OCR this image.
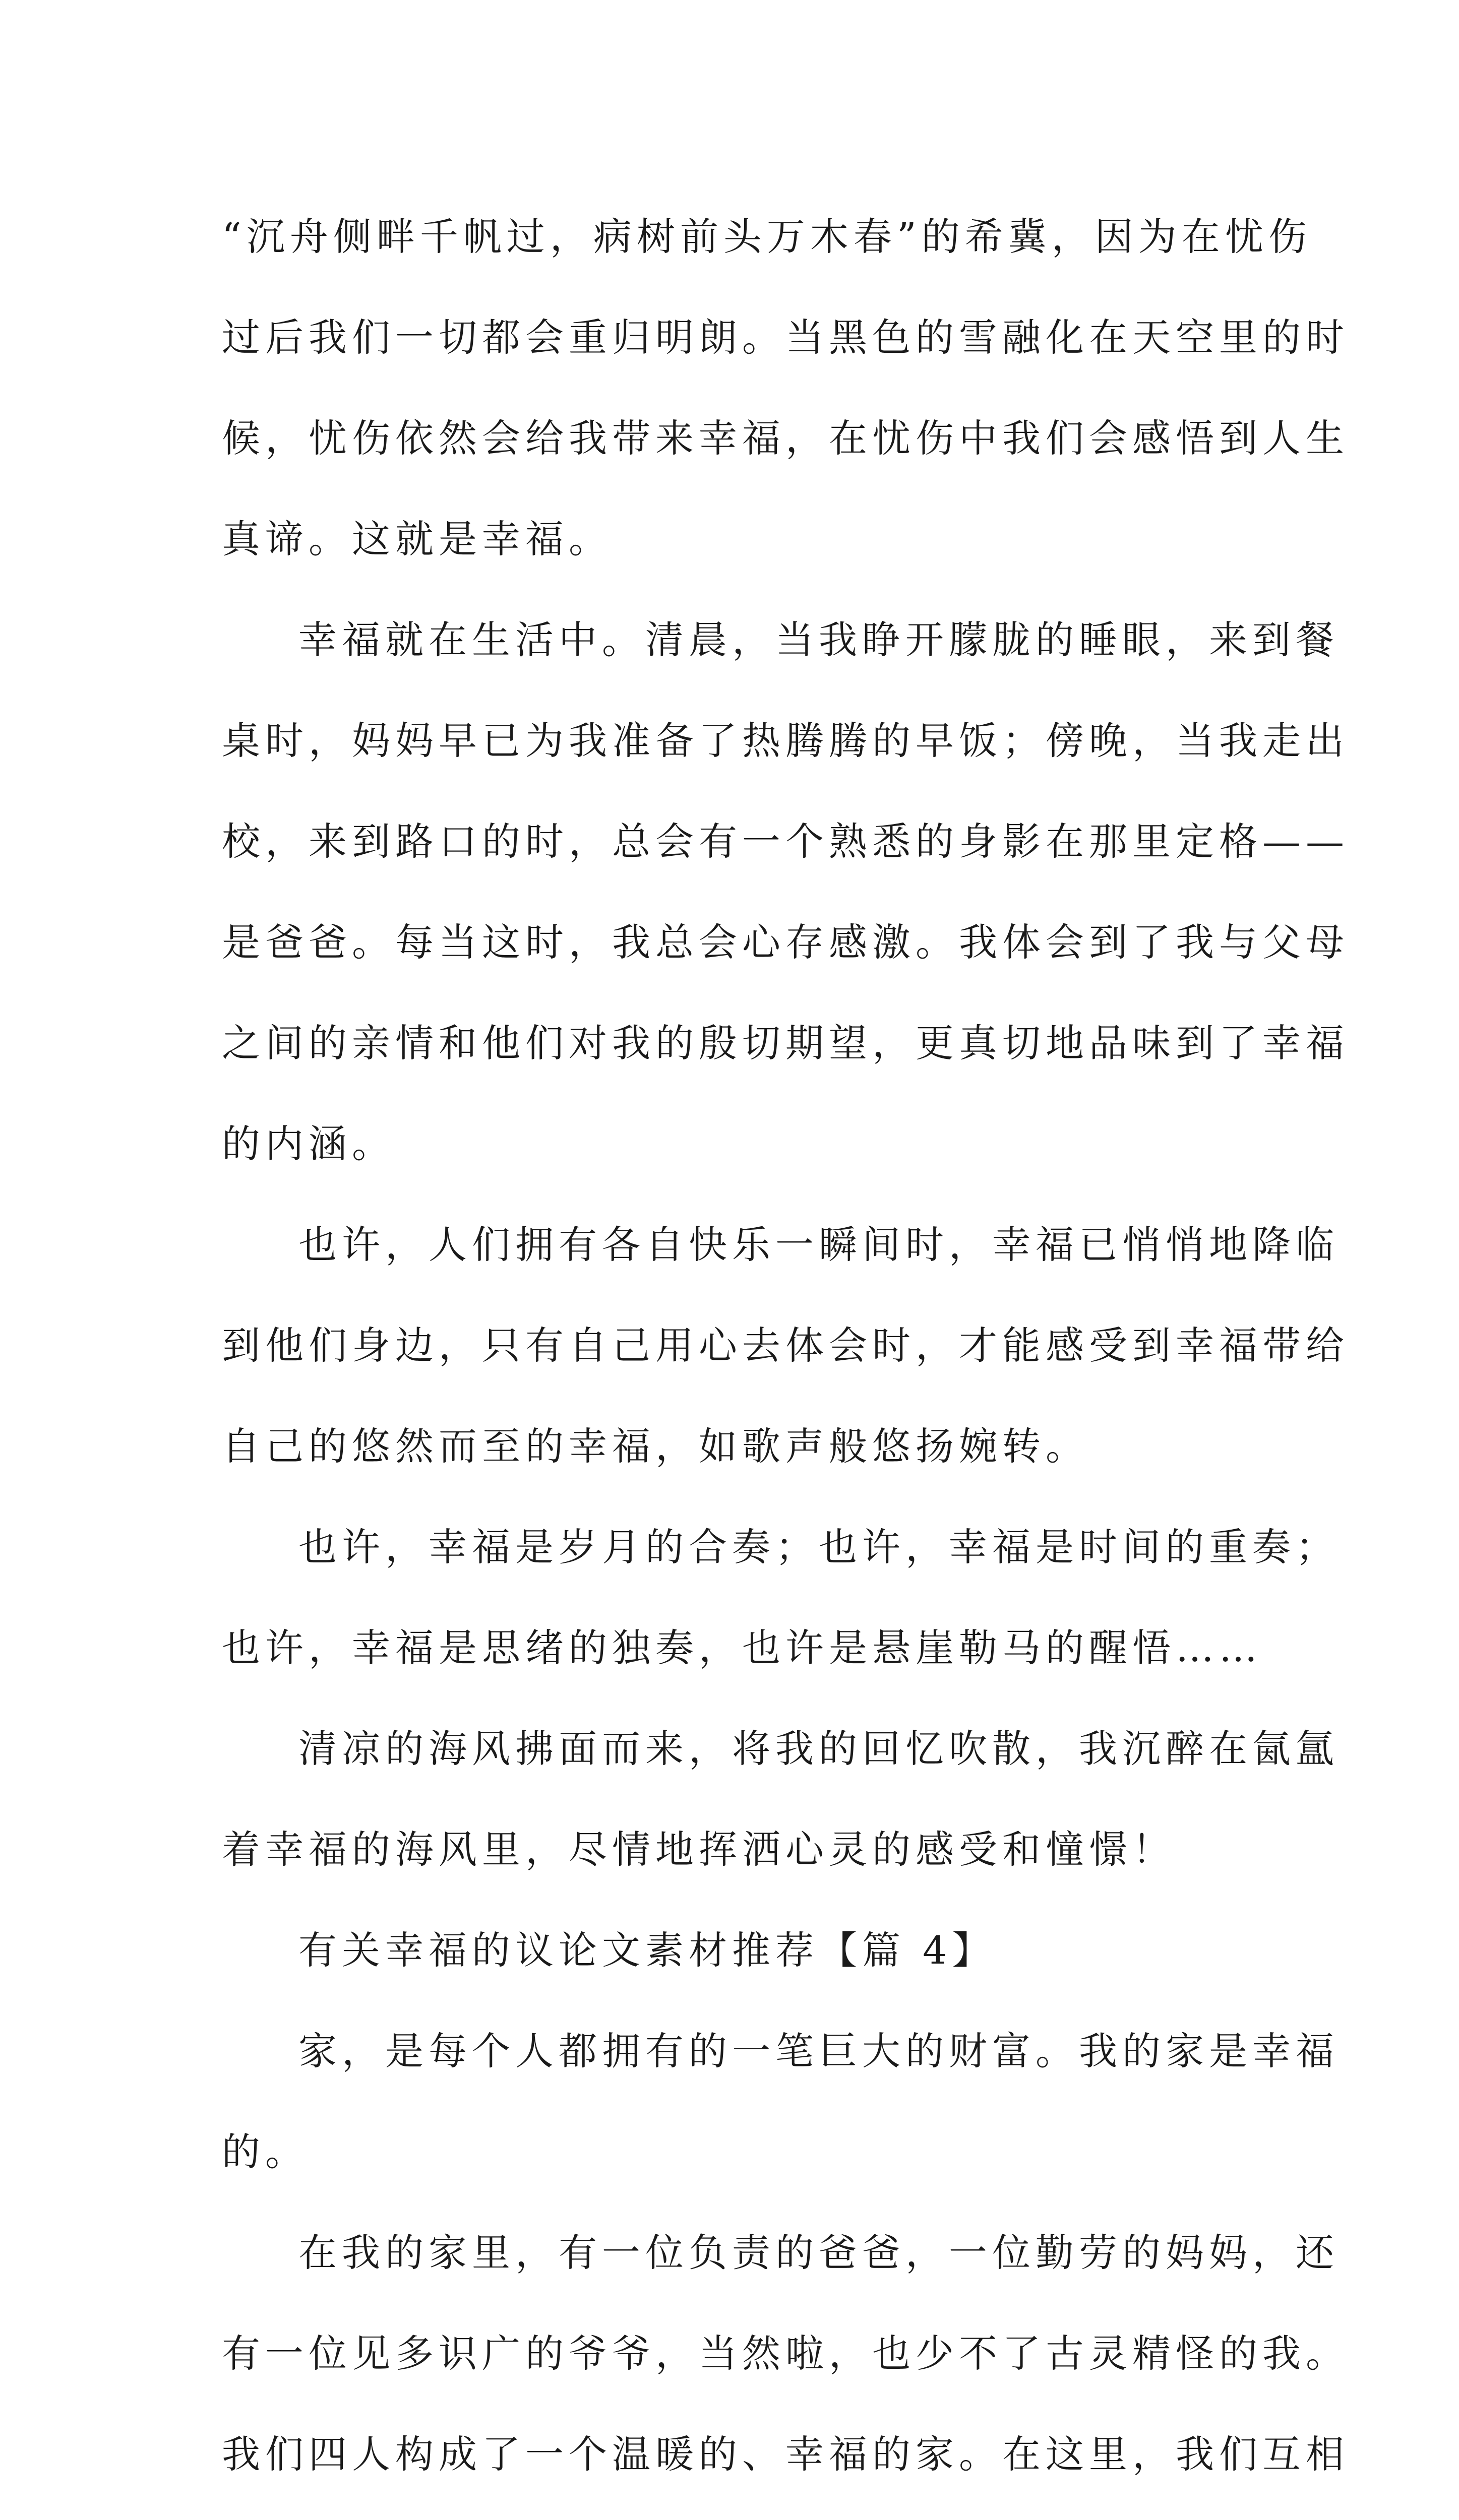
“沉舟侧畔千帆过，病树前头万木春”的希冀，因为在忧伤
过后我们一切都会重归明朗。当黑色的雪融化在天空里的时
候，忧伤依然会给我带来幸福，在忧伤中我们会感悟到人生
真谛。这就是幸福。
幸福就在生活中。清晨，当我睁开朦胧的睡眼，来到餐
桌时，妈妈早已为我准备了热腾腾的早饭；傍晚，当我走出
校，来到路口的时，总会有一个熟悉的身影在那里定格——
是爸爸。每当这时，我总会心存感激。我体会到了我与父母
之间的亲情和他们对我的殷切期望，更真切地品味到了幸福
的内涵。
也许，人们拥有各自快乐一瞬间时，幸福已悄悄地降临
到他们身边，只有自己用心去体会时，才能感受到幸福带给
自己的悠然而至的幸福，如歌声般悠扬婉转。
也许，幸福是岁月的合奏；也许，幸福是时间的重奏；
也许，幸福是思绪的独奏，也许是悬崖勒马的醒悟……
清凉的海风拂面而来，将我的回忆吹散，我沉醉在氤氲
着幸福的海风里，尽情地挥洒心灵的感受和憧憬！
有关幸福的议论文素材推荐【篇 4】
家，是每个人都拥有的一笔巨大的财富。我的家是幸福
的。
在我的家里，有一位负责的爸爸，一位勤劳的妈妈，还
有一位见多识广的爷爷，当然啦，也少不了古灵精怪的我。
我们四人构成了一个温暖的、幸福的家。在这里，我们互相
